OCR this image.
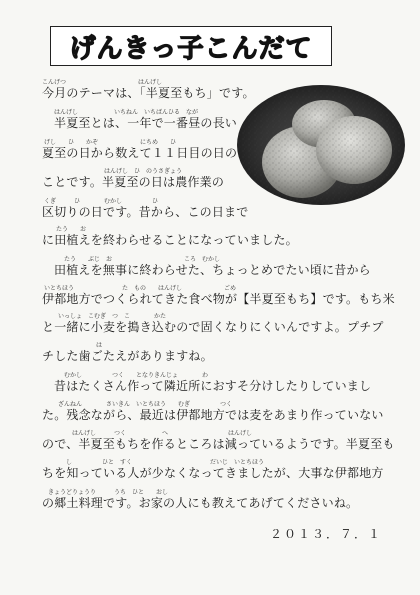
げんきっ子こんだて
こんげつ　　　　　　　　　　　　はんげし
はんげし　　　　　　いちねん　いちばんひる　なが
げし　　ひ　　かぞ　　　　　　　にちめ　　ひ
はんげし　ひ　のうさぎょう
くぎ　　　ひ　　　　むかし　　　　　ひ
たう　　お
たう　　ぶじ　お　　　　　　　　　　　　ころ　むかし
いとちほう　　　　　　　　た　もの　　はんげし　　　　　　　ごめ
いっしょ　こむぎ　つ　こ　　　　かた
は
むかし　　　　　つく　　となりきんじょ　　　　わ
ざんねん　　　　さいきん　いとちほう　　むぎ　　　　　つく
はんげし　　　つく　　　　　　へ　　　　　　　　　　はんげし
し　　　　　ひと　すく　　　　　　　　　　　　　だいじ　いとちほう
きょうどりょうり　　　うち　ひと　　おし
今月のテーマは、「半夏至もち」です。
半夏至とは、一年で一番昼の長い
夏至の日から数えて１１日目の日の
ことです。半夏至の日は農作業の
区切りの日です。昔から、この日まで
に田植えを終わらせることになっていました。
田植えを無事に終わらせた、ちょっとめでたい頃に昔から
伊都地方でつくられてきた食べ物が【半夏至もち】です。もち米
と一緒に小麦を搗き込むので固くなりにくいんですよ。プチプ
チした歯ごたえがありますね。
昔はたくさん作って隣近所におすそ分けしたりしていまし
た。残念ながら、最近は伊都地方では麦をあまり作っていない
ので、半夏至もちを作るところは減っているようです。半夏至も
ちを知っている人が少なくなってきましたが、大事な伊都地方
の郷土料理です。お家の人にも教えてあげてくださいね。
２０１３．７．１
